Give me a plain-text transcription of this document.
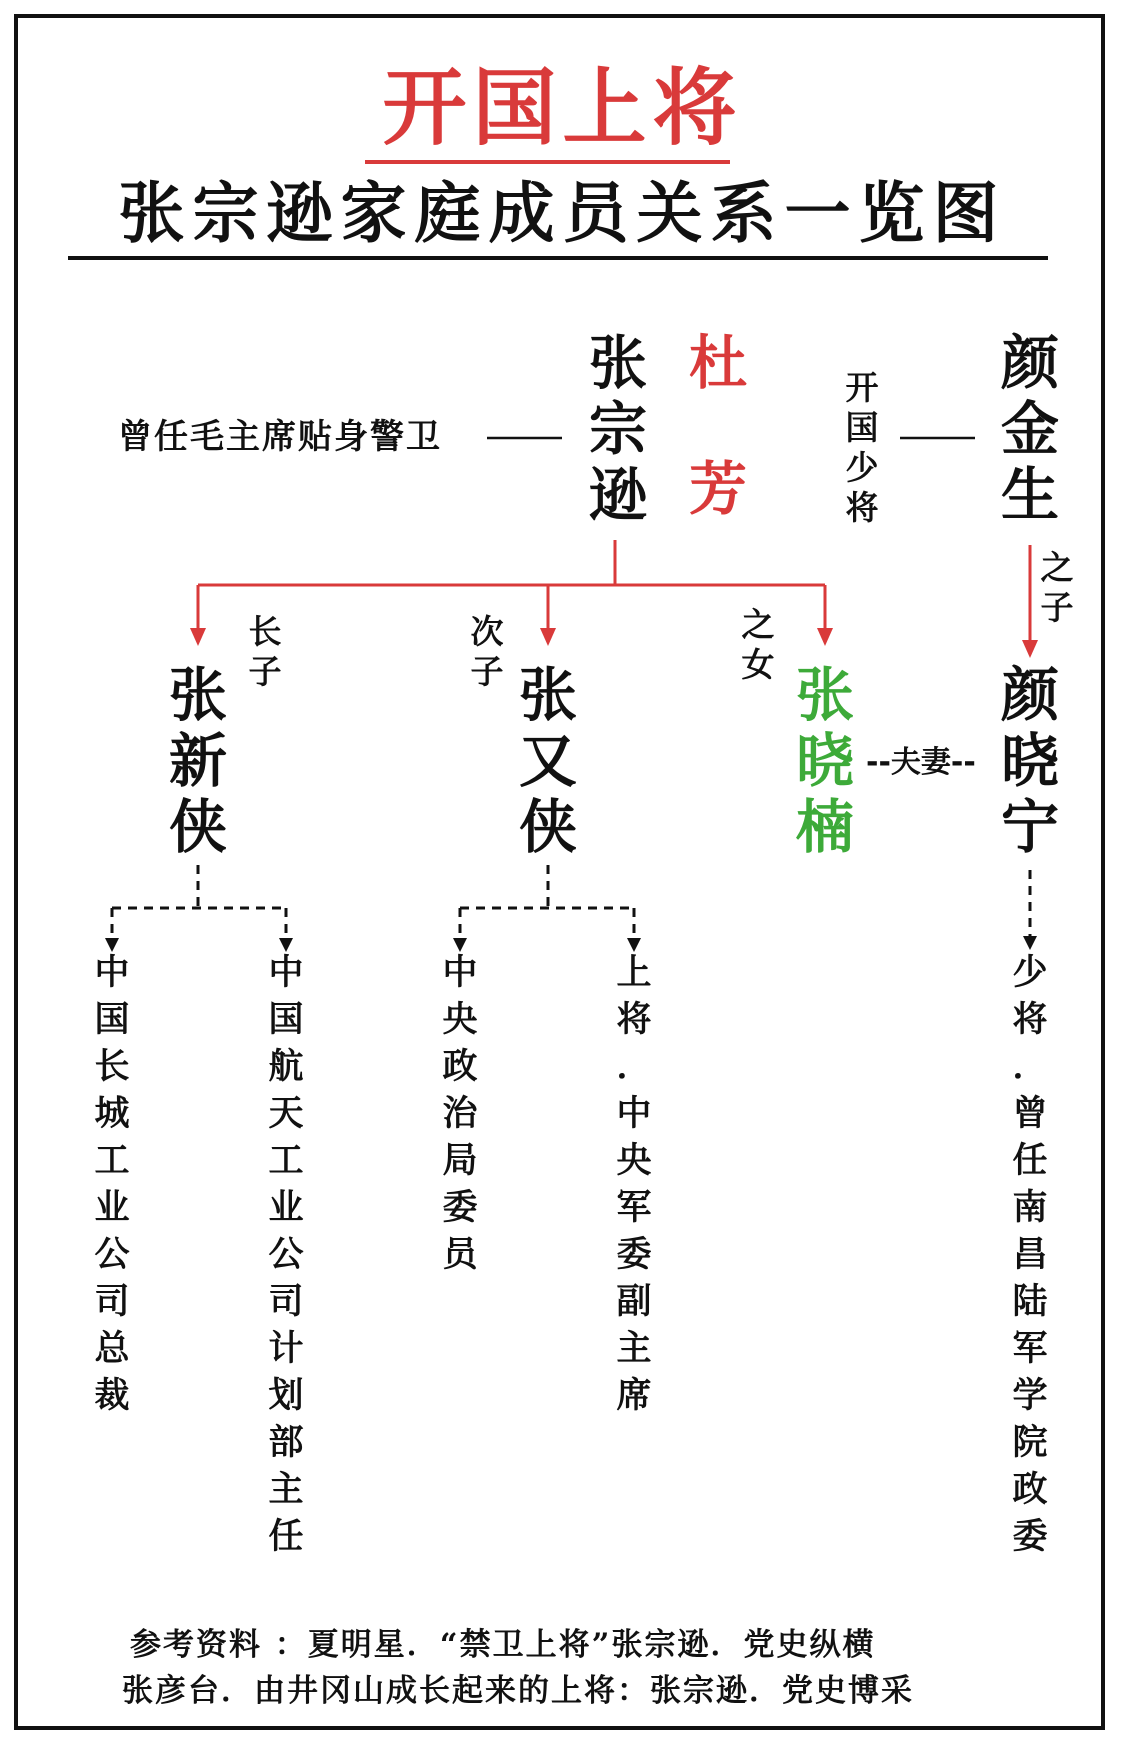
开国上将
张宗逊家庭成员关系一览图
曾任毛主席贴身警卫
张
宗
逊
杜
芳
开
国
少
将
颜
金
生
之
子
长
子
次
子
之
女
张
新
侠
张
又
侠
张
晓
楠
--夫妻--
颜
晓
宁
中
国
长
城
工
业
公
司
总
裁
中
国
航
天
工
业
公
司
计
划
部
主
任
中
央
政
治
局
委
员
上
将
．
中
央
军
委
副
主
席
少
将
．
曾
任
南
昌
陆
军
学
院
政
委
参考资料 ：夏明星．“禁卫上将”张宗逊．党史纵横
张彦台．由井冈山成长起来的上将：张宗逊．党史博采
